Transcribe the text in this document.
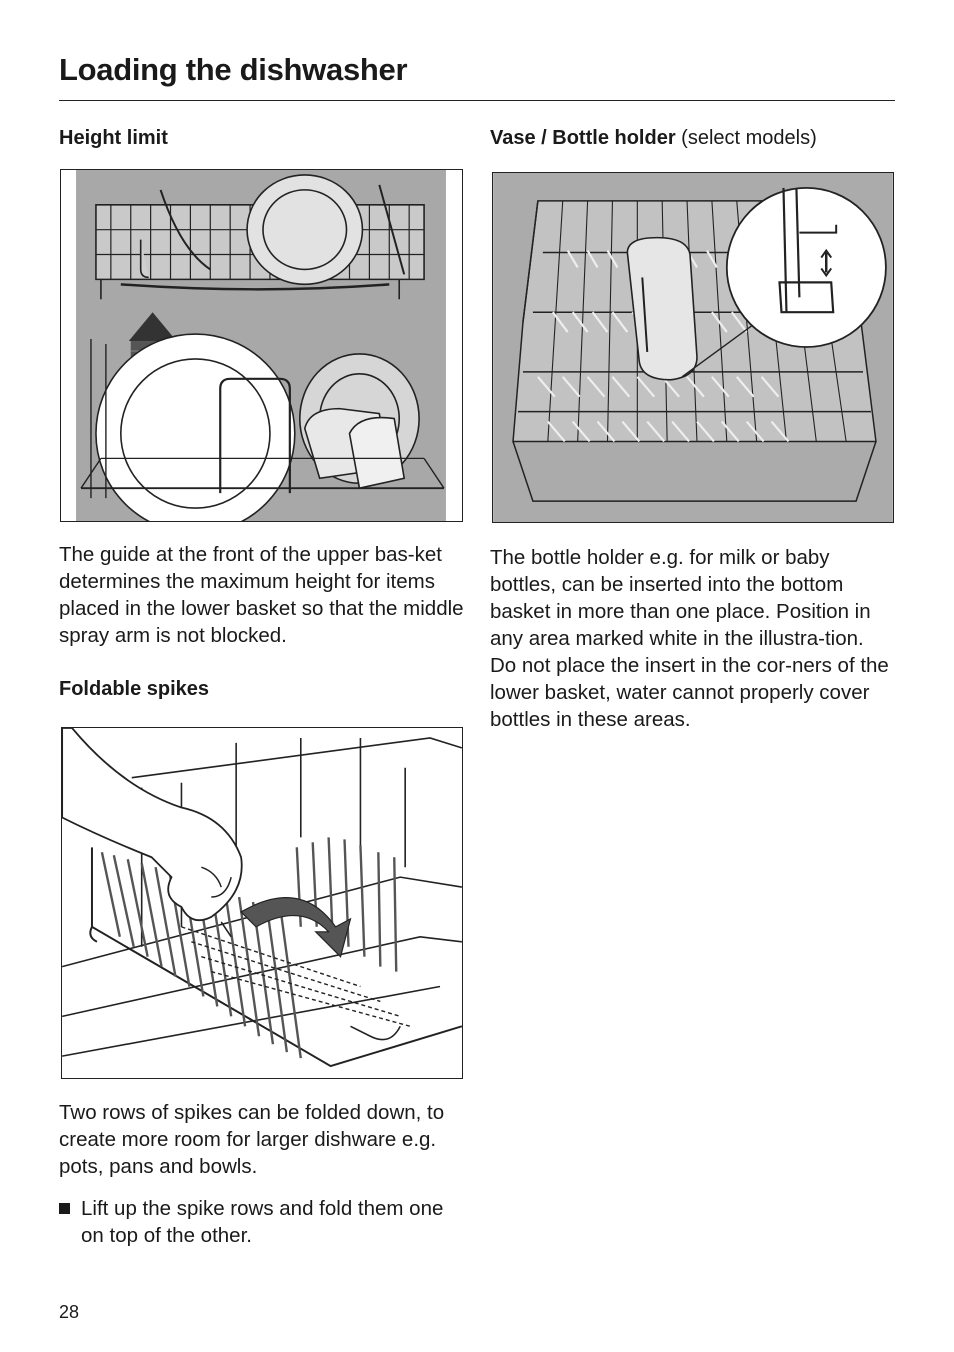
Loading the dishwasher
Height limit

The guide at the front of the upper bas-ket determines the maximum height for items placed in the lower basket so that the middle spray arm is not blocked.

Foldable spikes

Two rows of spikes can be folded down, to create more room for larger dishware e.g. pots, pans and bowls.

Lift up the spike rows and fold them one on top of the other.
Vase / Bottle holder (select models)

The bottle holder e.g. for milk or baby bottles, can be inserted into the bottom basket in more than one place. Position in any area marked white in the illustra-tion. Do not place the insert in the cor-ners of the lower basket, water cannot properly cover bottles in these areas.

28
